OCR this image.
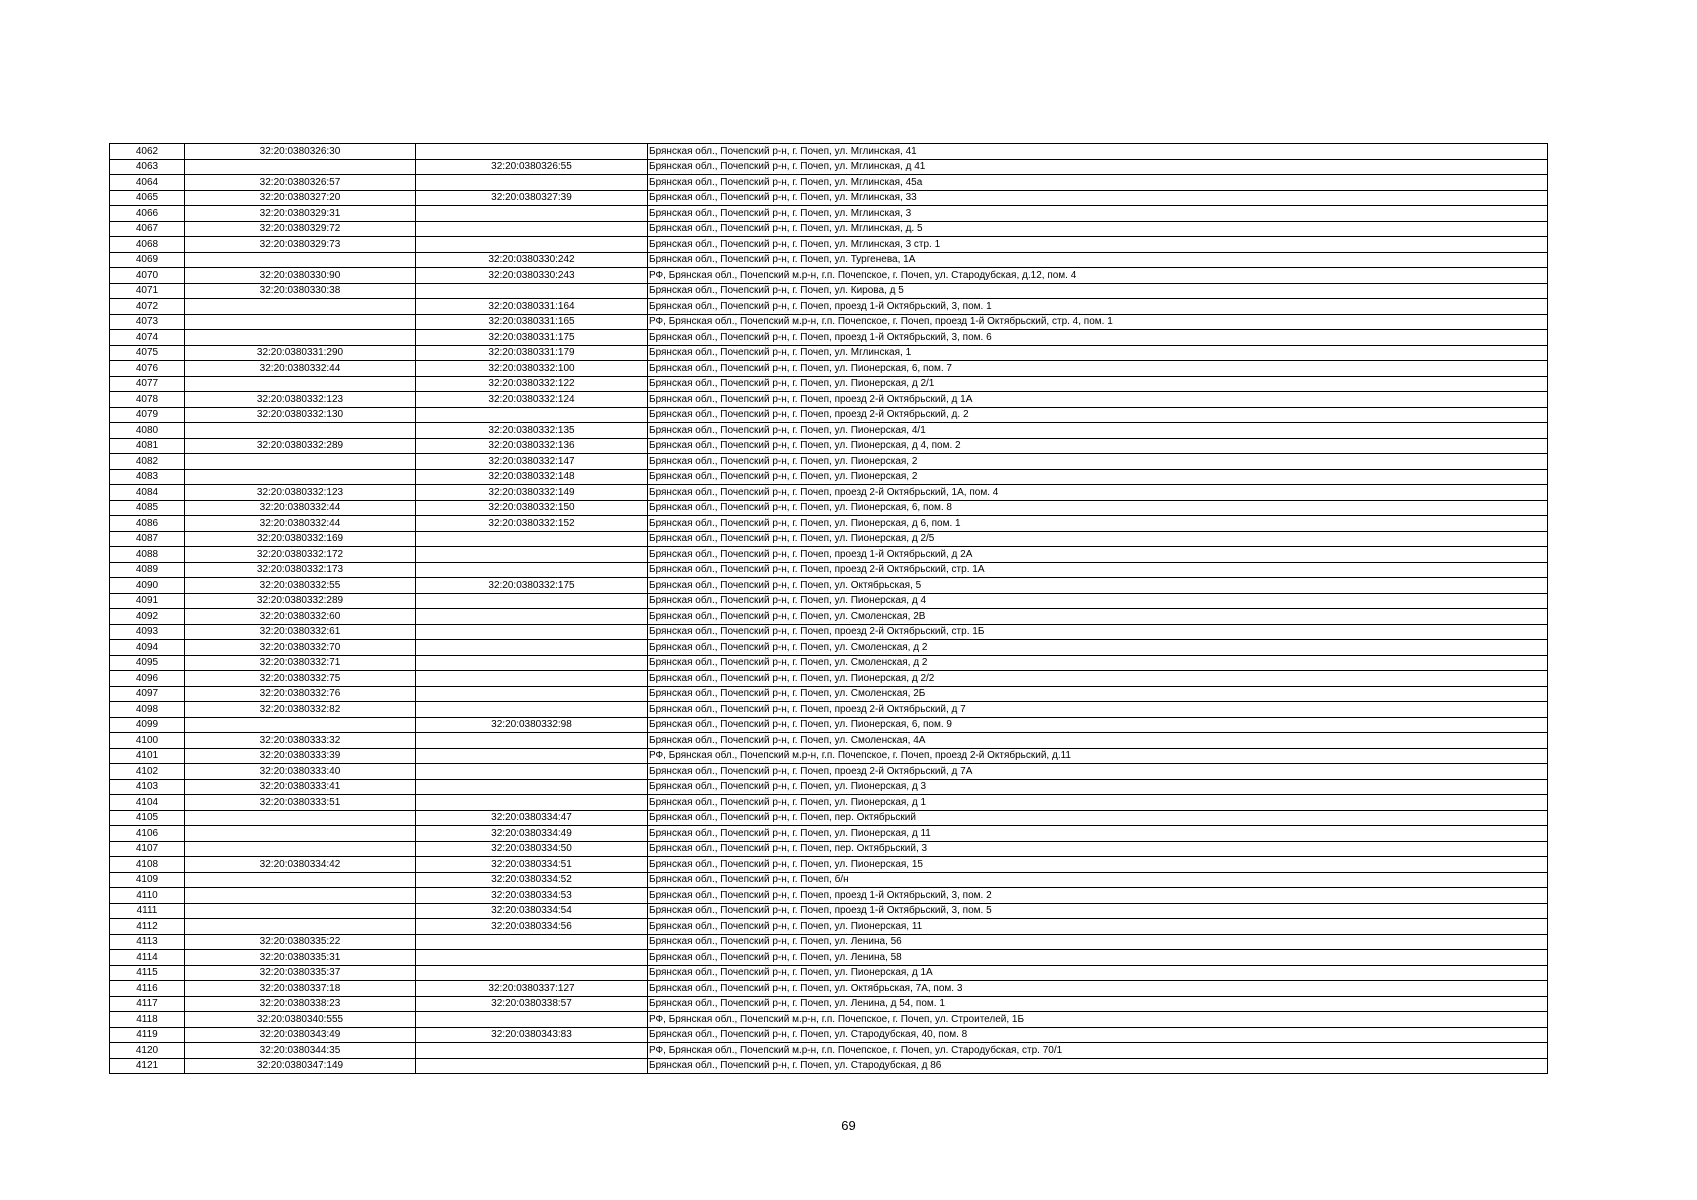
4062	32:20:0380326:30		Брянская обл., Почепский р-н, г. Почеп, ул. Мглинская, 41
4063		32:20:0380326:55	Брянская обл., Почепский р-н, г. Почеп, ул. Мглинская, д 41
4064	32:20:0380326:57		Брянская обл., Почепский р-н, г. Почеп, ул. Мглинская, 45а
4065	32:20:0380327:20	32:20:0380327:39	Брянская обл., Почепский р-н, г. Почеп, ул. Мглинская, 33
4066	32:20:0380329:31		Брянская обл., Почепский р-н, г. Почеп, ул. Мглинская, 3
4067	32:20:0380329:72		Брянская обл., Почепский р-н, г. Почеп, ул. Мглинская, д. 5
4068	32:20:0380329:73		Брянская обл., Почепский р-н, г. Почеп, ул. Мглинская, 3 стр. 1
4069		32:20:0380330:242	Брянская обл., Почепский р-н, г. Почеп, ул. Тургенева, 1А
4070	32:20:0380330:90	32:20:0380330:243	РФ, Брянская обл., Почепский м.р-н, г.п. Почепское, г. Почеп, ул. Стародубская, д.12, пом. 4
4071	32:20:0380330:38		Брянская обл., Почепский р-н, г. Почеп, ул. Кирова, д 5
4072		32:20:0380331:164	Брянская обл., Почепский р-н, г. Почеп, проезд 1-й Октябрьский, 3, пом. 1
4073		32:20:0380331:165	РФ, Брянская обл., Почепский м.р-н, г.п. Почепское, г. Почеп, проезд 1-й Октябрьский, стр. 4, пом. 1
4074		32:20:0380331:175	Брянская обл., Почепский р-н, г. Почеп, проезд 1-й Октябрьский, 3, пом. 6
4075	32:20:0380331:290	32:20:0380331:179	Брянская обл., Почепский р-н, г. Почеп, ул. Мглинская, 1
4076	32:20:0380332:44	32:20:0380332:100	Брянская обл., Почепский р-н, г. Почеп, ул. Пионерская, 6, пом. 7
4077		32:20:0380332:122	Брянская обл., Почепский р-н, г. Почеп, ул. Пионерская, д 2/1
4078	32:20:0380332:123	32:20:0380332:124	Брянская обл., Почепский р-н, г. Почеп, проезд 2-й Октябрьский, д 1А
4079	32:20:0380332:130		Брянская обл., Почепский р-н, г. Почеп, проезд 2-й Октябрьский, д. 2
4080		32:20:0380332:135	Брянская обл., Почепский р-н, г. Почеп, ул. Пионерская, 4/1
4081	32:20:0380332:289	32:20:0380332:136	Брянская обл., Почепский р-н, г. Почеп, ул. Пионерская, д 4, пом. 2
4082		32:20:0380332:147	Брянская обл., Почепский р-н, г. Почеп, ул. Пионерская, 2
4083		32:20:0380332:148	Брянская обл., Почепский р-н, г. Почеп, ул. Пионерская, 2
4084	32:20:0380332:123	32:20:0380332:149	Брянская обл., Почепский р-н, г. Почеп, проезд 2-й Октябрьский, 1А, пом. 4
4085	32:20:0380332:44	32:20:0380332:150	Брянская обл., Почепский р-н, г. Почеп, ул. Пионерская, 6, пом. 8
4086	32:20:0380332:44	32:20:0380332:152	Брянская обл., Почепский р-н, г. Почеп, ул. Пионерская, д 6, пом. 1
4087	32:20:0380332:169		Брянская обл., Почепский р-н, г. Почеп, ул. Пионерская, д 2/5
4088	32:20:0380332:172		Брянская обл., Почепский р-н, г. Почеп, проезд 1-й Октябрьский, д 2А
4089	32:20:0380332:173		Брянская обл., Почепский р-н, г. Почеп, проезд 2-й Октябрьский, стр. 1А
4090	32:20:0380332:55	32:20:0380332:175	Брянская обл., Почепский р-н, г. Почеп, ул. Октябрьская, 5
4091	32:20:0380332:289		Брянская обл., Почепский р-н, г. Почеп, ул. Пионерская, д 4
4092	32:20:0380332:60		Брянская обл., Почепский р-н, г. Почеп, ул. Смоленская, 2В
4093	32:20:0380332:61		Брянская обл., Почепский р-н, г. Почеп, проезд 2-й Октябрьский, стр. 1Б
4094	32:20:0380332:70		Брянская обл., Почепский р-н, г. Почеп, ул. Смоленская, д 2
4095	32:20:0380332:71		Брянская обл., Почепский р-н, г. Почеп, ул. Смоленская, д 2
4096	32:20:0380332:75		Брянская обл., Почепский р-н, г. Почеп, ул. Пионерская, д 2/2
4097	32:20:0380332:76		Брянская обл., Почепский р-н, г. Почеп, ул. Смоленская, 2Б
4098	32:20:0380332:82		Брянская обл., Почепский р-н, г. Почеп, проезд 2-й Октябрьский, д 7
4099		32:20:0380332:98	Брянская обл., Почепский р-н, г. Почеп, ул. Пионерская, 6, пом. 9
4100	32:20:0380333:32		Брянская обл., Почепский р-н, г. Почеп, ул. Смоленская, 4А
4101	32:20:0380333:39		РФ, Брянская обл., Почепский м.р-н, г.п. Почепское, г. Почеп, проезд 2-й Октябрьский, д.11
4102	32:20:0380333:40		Брянская обл., Почепский р-н, г. Почеп, проезд 2-й Октябрьский, д 7А
4103	32:20:0380333:41		Брянская обл., Почепский р-н, г. Почеп, ул. Пионерская, д 3
4104	32:20:0380333:51		Брянская обл., Почепский р-н, г. Почеп, ул. Пионерская, д 1
4105		32:20:0380334:47	Брянская обл., Почепский р-н, г. Почеп, пер. Октябрьский
4106		32:20:0380334:49	Брянская обл., Почепский р-н, г. Почеп, ул. Пионерская, д 11
4107		32:20:0380334:50	Брянская обл., Почепский р-н, г. Почеп, пер. Октябрьский, 3
4108	32:20:0380334:42	32:20:0380334:51	Брянская обл., Почепский р-н, г. Почеп, ул. Пионерская, 15
4109		32:20:0380334:52	Брянская обл., Почепский р-н, г. Почеп, б/н
4110		32:20:0380334:53	Брянская обл., Почепский р-н, г. Почеп, проезд 1-й Октябрьский, 3, пом. 2
4111		32:20:0380334:54	Брянская обл., Почепский р-н, г. Почеп, проезд 1-й Октябрьский, 3, пом. 5
4112		32:20:0380334:56	Брянская обл., Почепский р-н, г. Почеп, ул. Пионерская, 11
4113	32:20:0380335:22		Брянская обл., Почепский р-н, г. Почеп, ул. Ленина, 56
4114	32:20:0380335:31		Брянская обл., Почепский р-н, г. Почеп, ул. Ленина, 58
4115	32:20:0380335:37		Брянская обл., Почепский р-н, г. Почеп, ул. Пионерская, д 1А
4116	32:20:0380337:18	32:20:0380337:127	Брянская обл., Почепский р-н, г. Почеп, ул. Октябрьская, 7А, пом. 3
4117	32:20:0380338:23	32:20:0380338:57	Брянская обл., Почепский р-н, г. Почеп, ул. Ленина, д 54, пом. 1
4118	32:20:0380340:555		РФ, Брянская обл., Почепский м.р-н, г.п. Почепское, г. Почеп, ул. Строителей, 1Б
4119	32:20:0380343:49	32:20:0380343:83	Брянская обл., Почепский р-н, г. Почеп, ул. Стародубская, 40, пом. 8
4120	32:20:0380344:35		РФ, Брянская обл., Почепский м.р-н, г.п. Почепское, г. Почеп, ул. Стародубская, стр. 70/1
4121	32:20:0380347:149		Брянская обл., Почепский р-н, г. Почеп, ул. Стародубская, д 86
69
